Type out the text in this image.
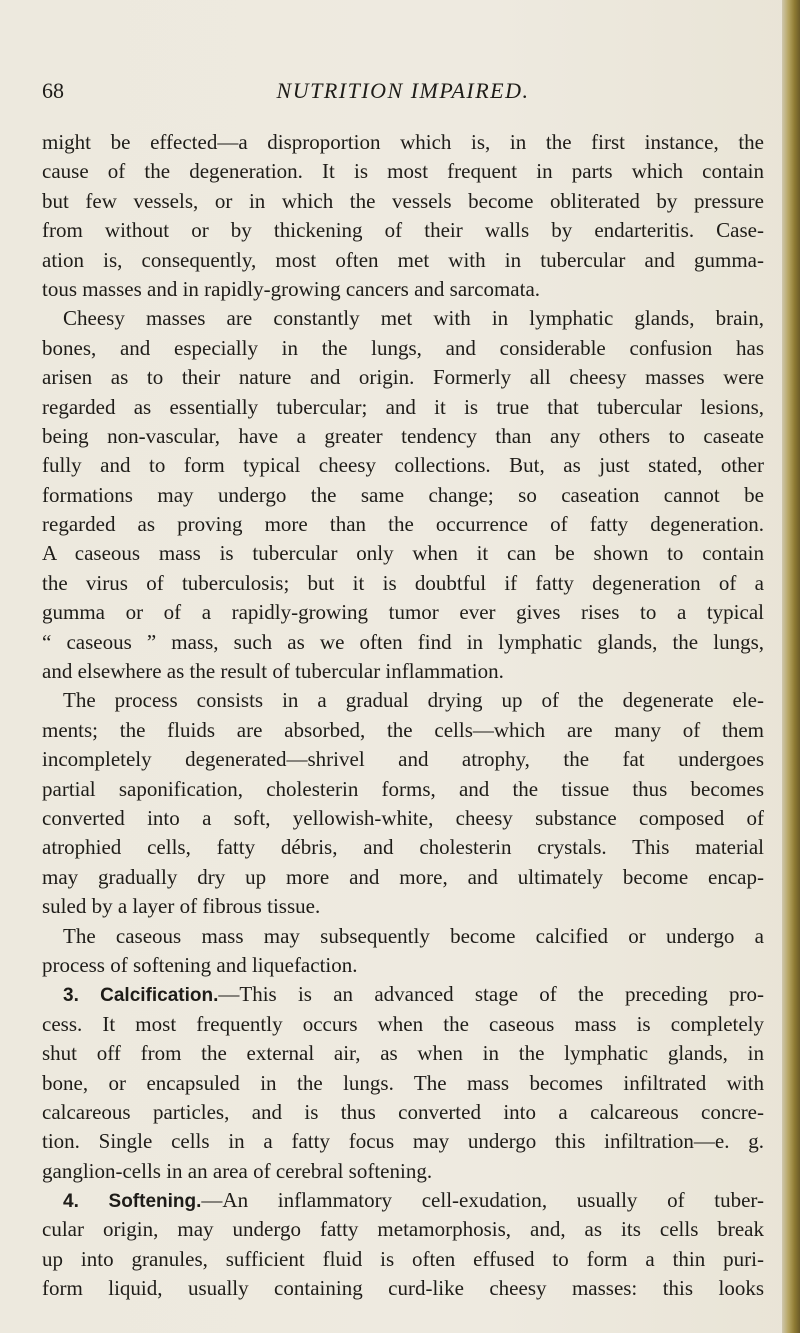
68	NUTRITION IMPAIRED.
might be effected—a disproportion which is, in the first instance, the
cause of the degeneration. It is most frequent in parts which contain
but few vessels, or in which the vessels become obliterated by pressure
from without or by thickening of their walls by endarteritis. Case-
ation is, consequently, most often met with in tubercular and gumma-
tous masses and in rapidly-growing cancers and sarcomata.
Cheesy masses are constantly met with in lymphatic glands, brain,
bones, and especially in the lungs, and considerable confusion has
arisen as to their nature and origin. Formerly all cheesy masses were
regarded as essentially tubercular; and it is true that tubercular lesions,
being non-vascular, have a greater tendency than any others to caseate
fully and to form typical cheesy collections. But, as just stated, other
formations may undergo the same change; so caseation cannot be
regarded as proving more than the occurrence of fatty degeneration.
A caseous mass is tubercular only when it can be shown to contain
the virus of tuberculosis; but it is doubtful if fatty degeneration of a
gumma or of a rapidly-growing tumor ever gives rises to a typical
“ caseous ” mass, such as we often find in lymphatic glands, the lungs,
and elsewhere as the result of tubercular inflammation.
The process consists in a gradual drying up of the degenerate ele-
ments; the fluids are absorbed, the cells—which are many of them
incompletely degenerated—shrivel and atrophy, the fat undergoes
partial saponification, cholesterin forms, and the tissue thus becomes
converted into a soft, yellowish-white, cheesy substance composed of
atrophied cells, fatty débris, and cholesterin crystals. This material
may gradually dry up more and more, and ultimately become encap-
suled by a layer of fibrous tissue.
The caseous mass may subsequently become calcified or undergo a
process of softening and liquefaction.
3. Calcification.—This is an advanced stage of the preceding pro-
cess. It most frequently occurs when the caseous mass is completely
shut off from the external air, as when in the lymphatic glands, in
bone, or encapsuled in the lungs. The mass becomes infiltrated with
calcareous particles, and is thus converted into a calcareous concre-
tion. Single cells in a fatty focus may undergo this infiltration—e. g.
ganglion-cells in an area of cerebral softening.
4. Softening.—An inflammatory cell-exudation, usually of tuber-
cular origin, may undergo fatty metamorphosis, and, as its cells break
up into granules, sufficient fluid is often effused to form a thin puri-
form liquid, usually containing curd-like cheesy masses: this looks
